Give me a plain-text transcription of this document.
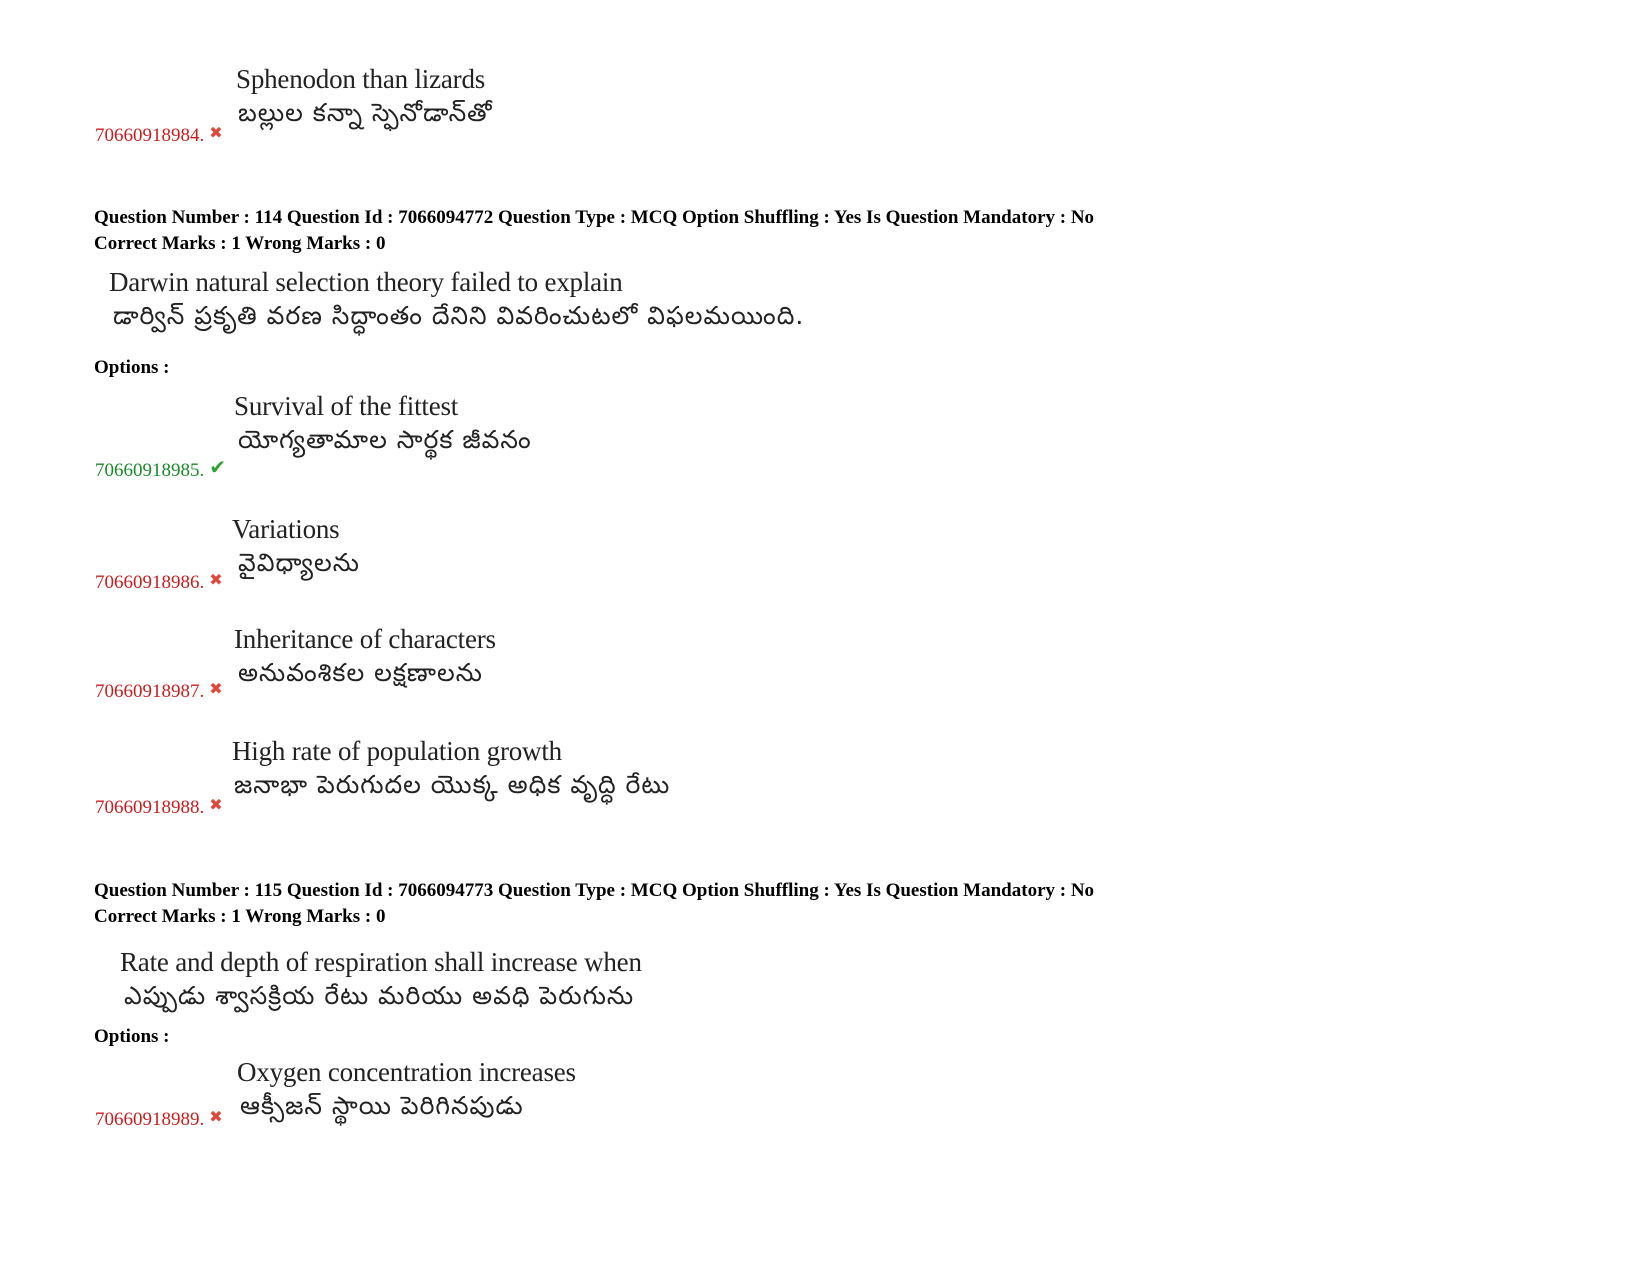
Sphenodon than lizards
బల్లుల కన్నా స్ఫెనోడాన్‌తో
70660918984. ✖
Question Number : 114 Question Id : 7066094772 Question Type : MCQ Option Shuffling : Yes Is Question Mandatory : No
Correct Marks : 1 Wrong Marks : 0
Darwin natural selection theory failed to explain
డార్విన్ ప్రకృతి వరణ సిద్ధాంతం దేనిని వివరించుటలో విఫలమయింది.
Options :
Survival of the fittest
యోగ్యతామాల సార్థక జీవనం
70660918985. ✔
Variations
వైవిధ్యాలను
70660918986. ✖
Inheritance of characters
అనువంశికల లక్షణాలను
70660918987. ✖
High rate of population growth
జనాభా పెరుగుదల యొక్క అధిక వృద్ధి రేటు
70660918988. ✖
Question Number : 115 Question Id : 7066094773 Question Type : MCQ Option Shuffling : Yes Is Question Mandatory : No
Correct Marks : 1 Wrong Marks : 0
Rate and depth of respiration shall increase when
ఎప్పుడు శ్వాసక్రియ రేటు మరియు అవధి పెరుగును
Options :
Oxygen concentration increases
ఆక్సీజన్ స్థాయి పెరిగినపుడు
70660918989. ✖
